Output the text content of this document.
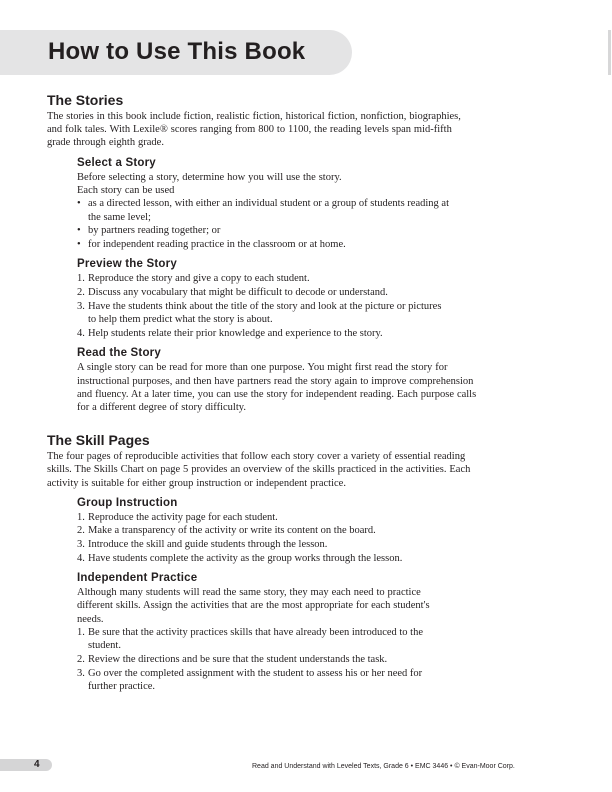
How to Use This Book
The Stories

The stories in this book include fiction, realistic fiction, historical fiction, nonfiction, biographies, and folk tales. With Lexile® scores ranging from 800 to 1100, the reading levels span mid-fifth grade through eighth grade.

Select a Story

Before selecting a story, determine how you will use the story.

Each story can be used

• as a directed lesson, with either an individual student or a group of students reading at the same level;
• by partners reading together; or
• for independent reading practice in the classroom or at home.
Preview the Story
1. Reproduce the story and give a copy to each student.
2. Discuss any vocabulary that might be difficult to decode or understand.
3. Have the students think about the title of the story and look at the picture or pictures to help them predict what the story is about.
4. Help students relate their prior knowledge and experience to the story.
Read the Story

A single story can be read for more than one purpose. You might first read the story for instructional purposes, and then have partners read the story again to improve comprehension and fluency. At a later time, you can use the story for independent reading. Each purpose calls for a different degree of story difficulty.

The Skill Pages

The four pages of reproducible activities that follow each story cover a variety of essential reading skills. The Skills Chart on page 5 provides an overview of the skills practiced in the activities. Each activity is suitable for either group instruction or independent practice.

Group Instruction
1. Reproduce the activity page for each student.
2. Make a transparency of the activity or write its content on the board.
3. Introduce the skill and guide students through the lesson.
4. Have students complete the activity as the group works through the lesson.
Independent Practice

Although many students will read the same story, they may each need to practice different skills. Assign the activities that are the most appropriate for each student's needs.

1. Be sure that the activity practices skills that have already been introduced to the student.
2. Review the directions and be sure that the student understands the task.
3. Go over the completed assignment with the student to assess his or her need for further practice.

4	Read and Understand with Leveled Texts, Grade 6 • EMC 3446 • © Evan-Moor Corp.
